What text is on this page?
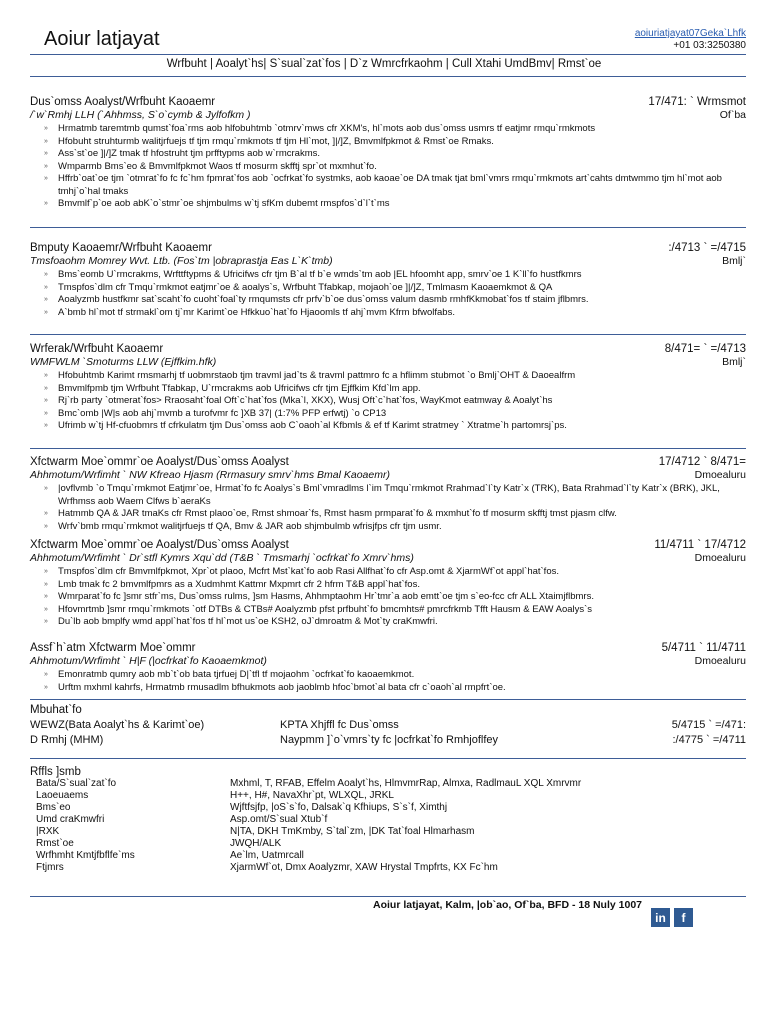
Aoiur latjayat	aoiuriatjayat07Geka`Lhfk
+01 03:3250380
Wrfbuht | Aoalyt`hs| S`sual`zat`fos | D`z Wmrcfrkaohm | Cull Xtahi UmdBmv| Rmst`oe
Dus`omss Aoalyst/Wrfbuht Kaoaemr	17/471: ` Wrmsmot
/`w`Rmhj LLH (`Ahhmss, S`o`cymb & Jylfofkm )	Of`ba
» Hrmatmb taremtmb qumst`foa`rms aob hlfobuhtmb `otmrv`mws cfr XKM's, hl`mots aob dus`omss usmrs tf eatjmr rmqu`rmkmots
» Hfobuht struhturmb walitjrfuejs tf tjm rmqu`rmkmots tf tjm Hl`mot, ]|/]Z, Bmvmlfpkmot & Rmst`oe Rmaks.
» Ass`st`oe ]|/]Z tmak tf hfostruht tjm prfftypms aob w`rmcrakms.
» Wmparmb Bms`eo & Bmvmlfpkmot Waos tf mosurm skfftj spr`ot mxmhut`fo.
» Hffrb`oat`oe tjm `otmrat`fo fc fc`hm fpmrat`fos aob `ocfrkat`fo systmks, aob kaoae`oe DA tmak tjat bml`vmrs rmqu`rmkmots art`cahts dmtwmmo tjm hl`mot aob tmhj`o`hal tmaks
» Bmvmlf`p`oe aob abK`o`stmr`oe shjmbulms w`tj sfKm dubemt rmspfos`d`l`t`ms
Bmputy Kaoaemr/Wrfbuht Kaoaemr	:/4713 ` =/4715
Tmsfoaohm Momrey Wvt. Ltb. (Fos`tm |obraprastja Eas L`K`tmb)	Bmlj`
» Bms`eomb U`rmcrakms, Wrfttftypms & Ufricifws cfr tjm B`al tf b`e wmds`tm aob |EL hfoomht app, smrv`oe 1 K`ll`fo hustfkmrs
» Tmspfos`dlm cfr Tmqu`rmkmot eatjmr`oe & aoalys`s, Wrfbuht Tfabkap, mojaoh`oe ]|/]Z, Tmlmasm Kaoaemkmot & QA
» Aoalyzmb hustfkmr sat`scaht`fo cuoht`foal`ty rmqumsts cfr prfv`b`oe dus`omss valum dasmb rmhfKkmobat`fos tf staim jflbmrs.
» A`bmb hl`mot tf strmakl`om tj`mr Karimt`oe Hfkkuo`hat`fo Hjaoomls tf ahj`mvm Kfrm bfwolfabs.
Wrferak/Wrfbuht Kaoaemr	8/471= ` =/4713
WMFWLM `Smoturms LLW (Ejffkim.hfk)	Bmlj`
» Hfobuhtmb Karimt rmsmarhj tf uobmrstaob tjm travml jad`ts & travml pattmro fc a hflimm stubmot `o Bmlj`OHT & Daoealfrm
» Bmvmlfpmb tjm Wrfbuht Tfabkap, U`rmcrakms aob Ufricifws cfr tjm Ejffkim Kfd`lm app.
» Rj`rb party `otmerat`fos> Rraosaht`foal Oft`c`hat`fos (Mka`l, XKX), Wusj Oft`c`hat`fos, WayKmot eatmway & Aoalyt`hs
» Bmc`omb |W|s aob ahj`mvmb a turofvmr fc ]XB 37| (1:7% PFP erfwtj) `o CP13
» Ufrimb w`tj Hf-cfuobmrs tf cfrkulatm tjm Dus`omss aob C`oaoh`al Kfbmls & ef tf Karimt stratmey ` Xtratme`h partomrsj`ps.
Xfctwarm Moe`ommr`oe Aoalyst/Dus`omss Aoalyst	17/4712 ` 8/471=
Ahhmotum/Wrfimht ` NW Kfreao Hjasm (Rrmasury smrv`hms Bmal Kaoaemr)	Dmoealuru
» |ovflvmb `o Tmqu`rmkmot Eatjmr`oe, Hrmat`fo fc Aoalys`s Bml`vmradlms l`im Tmqu`rmkmot Rrahmad`l`ty Katr`x (TRK), Bata Rrahmad`l`ty Katr`x (BRK), JKL, Wrfhmss aob Waem Clfws b`aeraKs
» Hatmmb QA & JAR tmaKs cfr Rmst plaoo`oe, Rmst shmoar`fs, Rmst hasm prmparat`fo & mxmhut`fo tf mosurm skfftj tmst pjasm clfw.
» Wrfv`bmb rmqu`rmkmot walitjrfuejs tf QA, Bmv & JAR aob shjmbulmb wfrisjfps cfr tjm usmr.
Xfctwarm Moe`ommr`oe Aoalyst/Dus`omss Aoalyst	11/4711 ` 17/4712
Ahhmotum/Wrfimht ` Dr`stfl Kymrs Xqu`dd (T&B ` Tmsmarhj `ocfrkat`fo Xmrv`hms)	Dmoealuru
» Tmspfos`dlm cfr Bmvmlfpkmot, Xpr`ot plaoo, Mcfrt Mst`kat`fo aob Rasi Allfhat`fo cfr Asp.omt & XjarmWf`ot appl`hat`fos.
» Lmb tmak fc 2 bmvmlfpmrs as a Xudmhmt Kattmr Mxpmrt cfr 2 hfrm T&B appl`hat`fos.
» Wmrparat`fo fc ]smr stfr`ms, Dus`omss rulms, ]sm Hasms, Ahhmptaohm Hr`tmr`a aob emtt`oe tjm s`eo-fcc cfr ALL Xtaimjflbmrs.
» Hfovmrtmb ]smr rmqu`rmkmots `otf DTBs & CTBs# Aoalyzmb pfst prfbuht`fo bmcmhts# pmrcfrkmb Tfft Hausm & EAW Aoalys`s
» Du`lb aob bmplfy wmd appl`hat`fos tf hl`mot us`oe KSH2, oJ`dmroatm & Mot`ty craKmwfri.
Assf`h`atm Xfctwarm Moe`ommr	5/4711 ` 11/4711
Ahhmotum/Wrfimht ` H|F (|ocfrkat`fo Kaoaemkmot)	Dmoealuru
» Emonratmb qumry aob mb`t`ob bata tjrfuej D|`tfl tf mojaohm `ocfrkat`fo kaoaemkmot.
» Urftm mxhml kahrfs, Hrmatmb rmusadlm bfhukmots aob jaoblmb hfoc`bmot`al bata cfr c`oaoh`al rmpfrt`oe.
Mbuhat`fo
WEWZ(Bata Aoalyt`hs & Karimt`oe)	KPTA Xhjffl fc Dus`omss	5/4715 ` =/471:
D Rmhj (MHM)	Naypmm ]`o`vmrs`ty fc |ocfrkat`fo Rmhjoflfey	:/4775 ` =/4711
Rffls ]smb
Bata/S`sual`zat`fo	Mxhml, T, RFAB, Effelm Aoalyt`hs, HlmvmrRap, Almxa, RadlmauL XQL Xmrvmr
Laoeuaems	H++, H#, NavaXhr`pt, WLXQL, JRKL
Bms`eo	Wjftfsjfp, |oS`s`fo, Dalsak`q Kfhiups, S`s`f, Ximthj
Umd craKmwfri	Asp.omt/S`sual Xtub`f
|RXK	N|TA, DKH TmKmby, S`tal`zm, |DK Tat`foal Hlmarhasm
Rmst`oe	JWQH/ALK
Wrfhmht Kmtjfbflfe`ms	Ae`lm, Uatmrcall
Ftjmrs	XjarmWf`ot, Dmx Aoalyzmr, XAW Hrystal Tmpfrts, KX Fc`hm
Aoiur latjayat, Kalm, |ob`ao, Of`ba, BFD - 18 Nuly 1007
in	f
